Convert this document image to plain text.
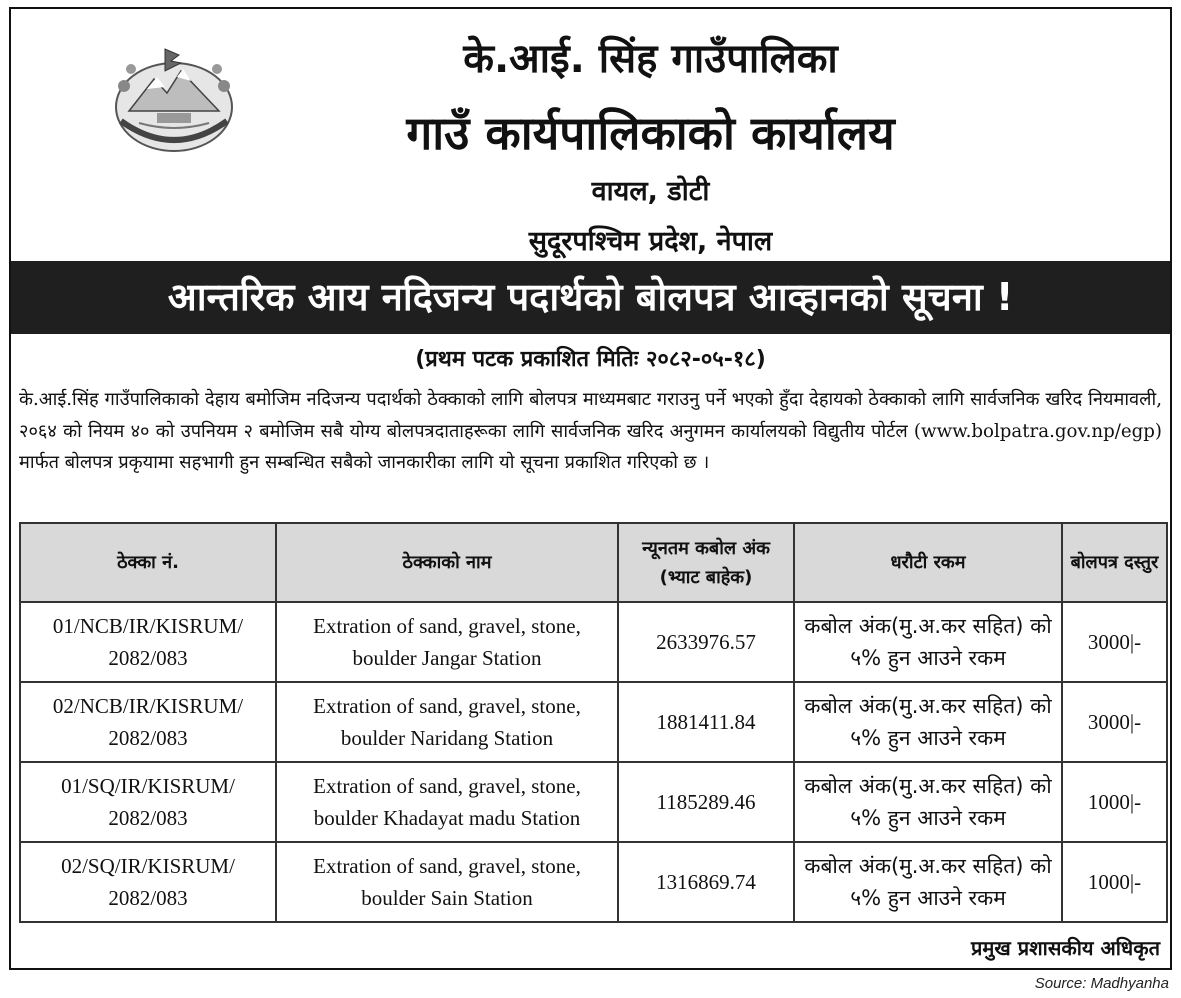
के.आई. सिंह गाउँपालिका
गाउँ कार्यपालिकाको कार्यालय
वायल, डोटी
सुदूरपश्चिम प्रदेश, नेपाल
आन्तरिक आय नदिजन्य पदार्थको बोलपत्र आव्हानको सूचना !
(प्रथम पटक प्रकाशित मितिः २०८२-०५-१८)
के.आई.सिंह गाउँपालिकाको देहाय बमोजिम नदिजन्य पदार्थको ठेक्काको लागि बोलपत्र माध्यमबाट गराउनु पर्ने भएको हुँदा देहायको ठेक्काको लागि सार्वजनिक खरिद नियमावली, २०६४ को नियम ४० को उपनियम २ बमोजिम सबै योग्य बोलपत्रदाताहरूका लागि सार्वजनिक खरिद अनुगमन कार्यालयको विद्युतीय पोर्टल (www.bolpatra.gov.np/egp) मार्फत बोलपत्र प्रकृयामा सहभागी हुन सम्बन्धित सबैको जानकारीका लागि यो सूचना प्रकाशित गरिएको छ ।
ठेक्का नं.	ठेक्काको नाम	न्यूनतम कबोल अंक (भ्याट बाहेक)	धरौटी रकम	बोलपत्र दस्तुर
01/NCB/IR/KISRUM/ 2082/083	Extration of sand, gravel, stone, boulder Jangar Station	2633976.57	कबोल अंक(मु.अ.कर सहित) को ५% हुन आउने रकम	3000|-
02/NCB/IR/KISRUM/ 2082/083	Extration of sand, gravel, stone, boulder Naridang Station	1881411.84	कबोल अंक(मु.अ.कर सहित) को ५% हुन आउने रकम	3000|-
01/SQ/IR/KISRUM/ 2082/083	Extration of sand, gravel, stone, boulder Khadayat madu Station	1185289.46	कबोल अंक(मु.अ.कर सहित) को ५% हुन आउने रकम	1000|-
02/SQ/IR/KISRUM/ 2082/083	Extration of sand, gravel, stone, boulder Sain Station	1316869.74	कबोल अंक(मु.अ.कर सहित) को ५% हुन आउने रकम	1000|-
प्रमुख प्रशासकीय अधिकृत
Source: Madhyanha
